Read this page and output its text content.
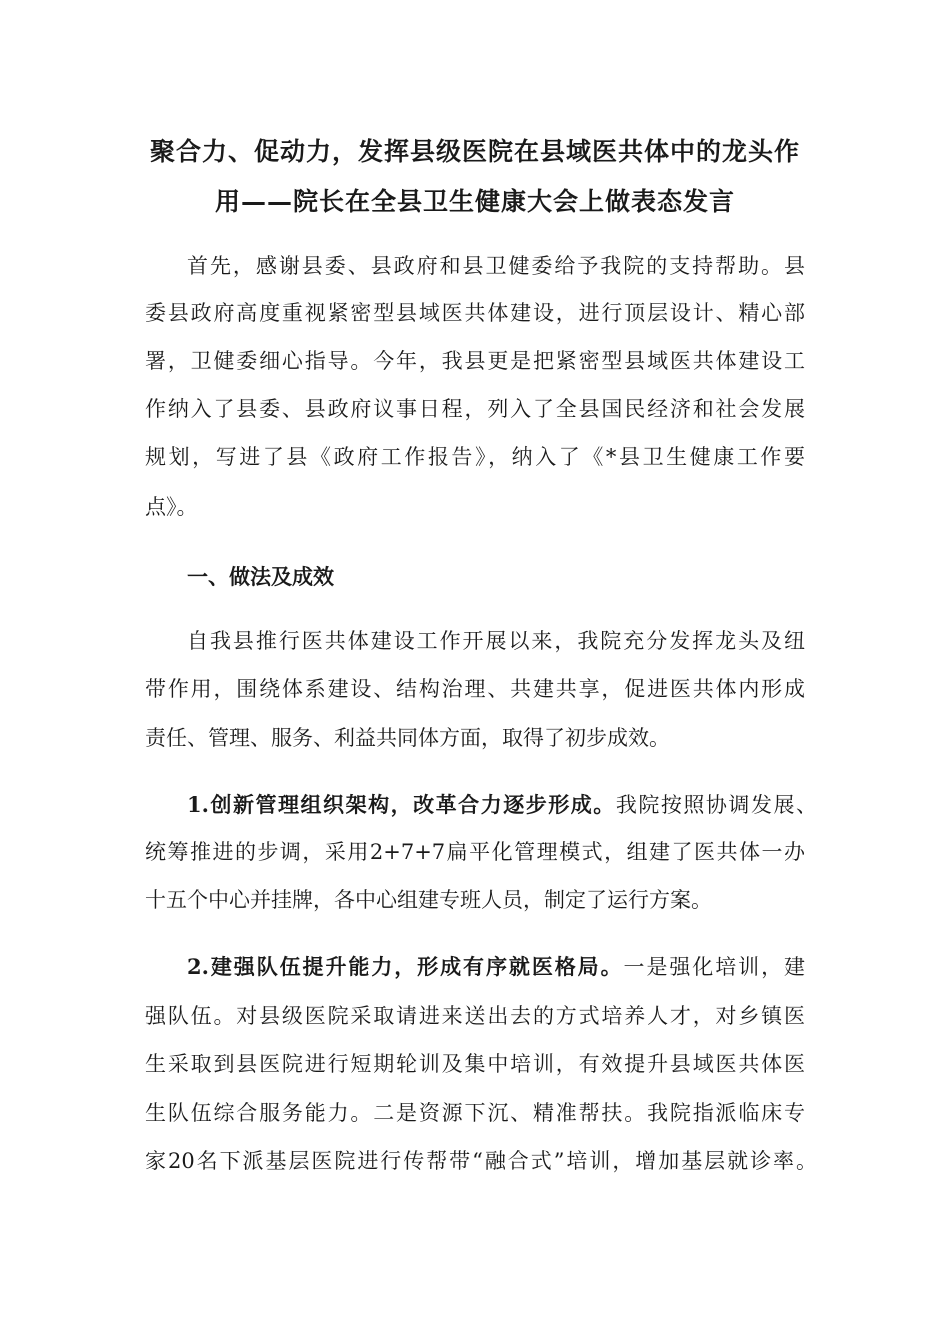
聚合力、促动力，发挥县级医院在县域医共体中的龙头作
用——院长在全县卫生健康大会上做表态发言
首先，感谢县委、县政府和县卫健委给予我院的支持帮助。县
委县政府高度重视紧密型县域医共体建设，进行顶层设计、精心部
署，卫健委细心指导。今年，我县更是把紧密型县域医共体建设工
作纳入了县委、县政府议事日程，列入了全县国民经济和社会发展
规划，写进了县《政府工作报告》，纳入了《*县卫生健康工作要
点》。
一、做法及成效
自我县推行医共体建设工作开展以来，我院充分发挥龙头及纽
带作用，围绕体系建设、结构治理、共建共享，促进医共体内形成
责任、管理、服务、利益共同体方面，取得了初步成效。
1.创新管理组织架构，改革合力逐步形成。我院按照协调发展、
统筹推进的步调，采用2+7+7扁平化管理模式，组建了医共体一办
十五个中心并挂牌，各中心组建专班人员，制定了运行方案。
2.建强队伍提升能力，形成有序就医格局。一是强化培训，建
强队伍。对县级医院采取请进来送出去的方式培养人才，对乡镇医
生采取到县医院进行短期轮训及集中培训，有效提升县域医共体医
生队伍综合服务能力。二是资源下沉、精准帮扶。我院指派临床专
家20名下派基层医院进行传帮带“融合式”培训，增加基层就诊率。
